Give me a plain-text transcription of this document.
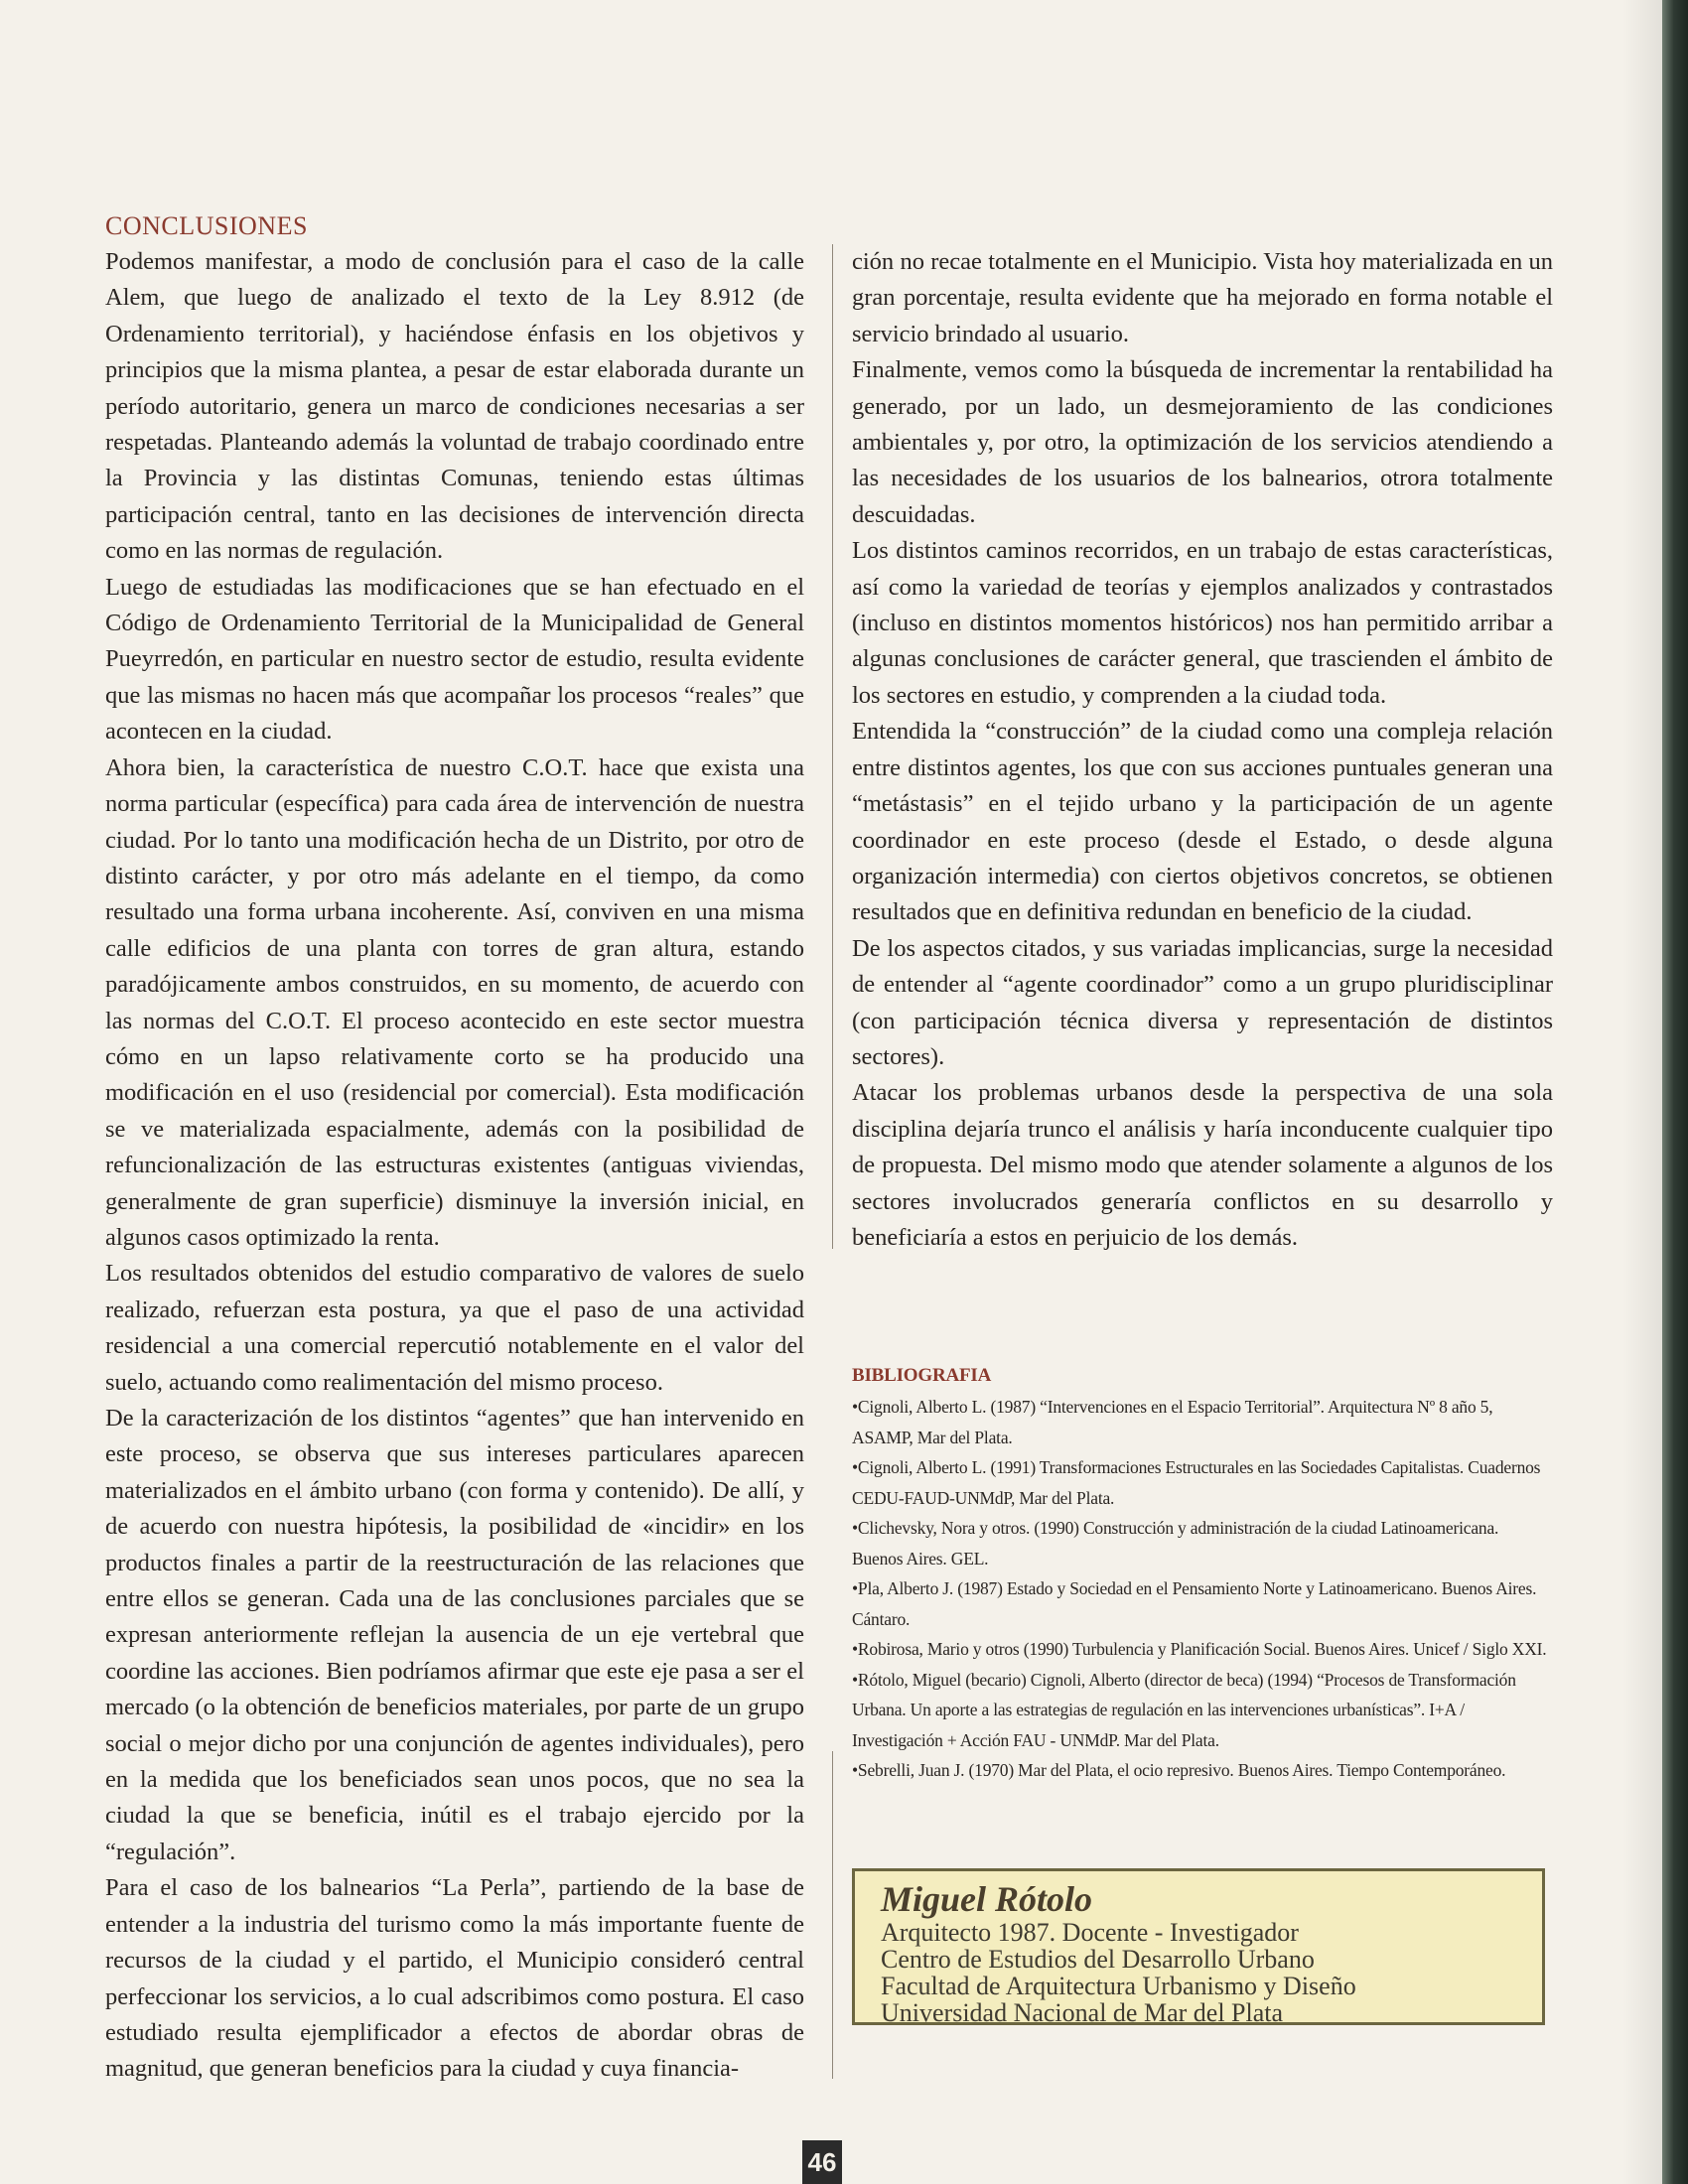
CONCLUSIONES

Podemos manifestar, a modo de conclusión para el caso de la calle Alem, que luego de analizado el texto de la Ley 8.912 (de Ordenamiento territorial), y haciéndose énfasis en los objetivos y principios que la misma plantea, a pesar de estar elaborada durante un período autoritario, genera un marco de condiciones necesarias a ser respetadas. Planteando además la voluntad de trabajo coordinado entre la Provincia y las distintas Comunas, teniendo estas últimas participación central, tanto en las decisiones de intervención directa como en las normas de regulación.

Luego de estudiadas las modificaciones que se han efectuado en el Código de Ordenamiento Territorial de la Municipalidad de General Pueyrredón, en particular en nuestro sector de estudio, resulta evidente que las mismas no hacen más que acompañar los procesos “reales” que acontecen en la ciudad.

Ahora bien, la característica de nuestro C.O.T. hace que exista una norma particular (específica) para cada área de intervención de nuestra ciudad. Por lo tanto una modificación hecha de un Distrito, por otro de distinto carácter, y por otro más adelante en el tiempo, da como resultado una forma urbana incoherente. Así, conviven en una misma calle edificios de una planta con torres de gran altura, estando paradójicamente ambos construidos, en su momento, de acuerdo con las normas del C.O.T. El proceso acontecido en este sector muestra cómo en un lapso relativamente corto se ha producido una modificación en el uso (residencial por comercial). Esta modificación se ve materializada espacialmente, además con la posibilidad de refuncionalización de las estructuras existentes (antiguas viviendas, generalmente de gran superficie) disminuye la inversión inicial, en algunos casos optimizado la renta.

Los resultados obtenidos del estudio comparativo de valores de suelo realizado, refuerzan esta postura, ya que el paso de una actividad residencial a una comercial repercutió notablemente en el valor del suelo, actuando como realimentación del mismo proceso.

De la caracterización de los distintos “agentes” que han intervenido en este proceso, se observa que sus intereses particulares aparecen materializados en el ámbito urbano (con forma y contenido). De allí, y de acuerdo con nuestra hipótesis, la posibilidad de «incidir» en los productos finales a partir de la reestructuración de las relaciones que entre ellos se generan. Cada una de las conclusiones parciales que se expresan anteriormente reflejan la ausencia de un eje vertebral que coordine las acciones. Bien podríamos afirmar que este eje pasa a ser el mercado (o la obtención de beneficios materiales, por parte de un grupo social o mejor dicho por una conjunción de agentes individuales), pero en la medida que los beneficiados sean unos pocos, que no sea la ciudad la que se beneficia, inútil es el trabajo ejercido por la “regulación”.

Para el caso de los balnearios “La Perla”, partiendo de la base de entender a la industria del turismo como la más importante fuente de recursos de la ciudad y el partido, el Municipio consideró central perfeccionar los servicios, a lo cual adscribimos como postura. El caso estudiado resulta ejemplificador a efectos de abordar obras de magnitud, que generan beneficios para la ciudad y cuya financia-

ción no recae totalmente en el Municipio. Vista hoy materializada en un gran porcentaje, resulta evidente que ha mejorado en forma notable el servicio brindado al usuario.

Finalmente, vemos como la búsqueda de incrementar la rentabilidad ha generado, por un lado, un desmejoramiento de las condiciones ambientales y, por otro, la optimización de los servicios atendiendo a las necesidades de los usuarios de los balnearios, otrora totalmente descuidadas.

Los distintos caminos recorridos, en un trabajo de estas características, así como la variedad de teorías y ejemplos analizados y contrastados (incluso en distintos momentos históricos) nos han permitido arribar a algunas conclusiones de carácter general, que trascienden el ámbito de los sectores en estudio, y comprenden a la ciudad toda.

Entendida la “construcción” de la ciudad como una compleja relación entre distintos agentes, los que con sus acciones puntuales generan una “metástasis” en el tejido urbano y la participación de un agente coordinador en este proceso (desde el Estado, o desde alguna organización intermedia) con ciertos objetivos concretos, se obtienen resultados que en definitiva redundan en beneficio de la ciudad.

De los aspectos citados, y sus variadas implicancias, surge la necesidad de entender al “agente coordinador” como a un grupo pluridisciplinar (con participación técnica diversa y representación de distintos sectores).

Atacar los problemas urbanos desde la perspectiva de una sola disciplina dejaría trunco el análisis y haría inconducente cualquier tipo de propuesta. Del mismo modo que atender solamente a algunos de los sectores involucrados generaría conflictos en su desarrollo y beneficiaría a estos en perjuicio de los demás.

BIBLIOGRAFIA

•Cignoli, Alberto L. (1987) “Intervenciones en el Espacio Territorial”. Arquitectura Nº 8 año 5, ASAMP, Mar del Plata.

•Cignoli, Alberto L. (1991) Transformaciones Estructurales en las Sociedades Capitalistas. Cuadernos CEDU-FAUD-UNMdP, Mar del Plata.

•Clichevsky, Nora y otros. (1990) Construcción y administración de la ciudad Latinoamericana. Buenos Aires. GEL.

•Pla, Alberto J. (1987) Estado y Sociedad en el Pensamiento Norte y Latinoamericano. Buenos Aires. Cántaro.

•Robirosa, Mario y otros (1990) Turbulencia y Planificación Social. Buenos Aires. Unicef / Siglo XXI.

•Rótolo, Miguel (becario) Cignoli, Alberto (director de beca) (1994) “Procesos de Transformación Urbana. Un aporte a las estrategias de regulación en las intervenciones urbanísticas”. I+A / Investigación + Acción FAU - UNMdP. Mar del Plata.

•Sebrelli, Juan J. (1970) Mar del Plata, el ocio represivo. Buenos Aires. Tiempo Contemporáneo.

Miguel Rótolo
Arquitecto 1987. Docente - Investigador
Centro de Estudios del Desarrollo Urbano
Facultad de Arquitectura Urbanismo y Diseño
Universidad Nacional de Mar del Plata
46
